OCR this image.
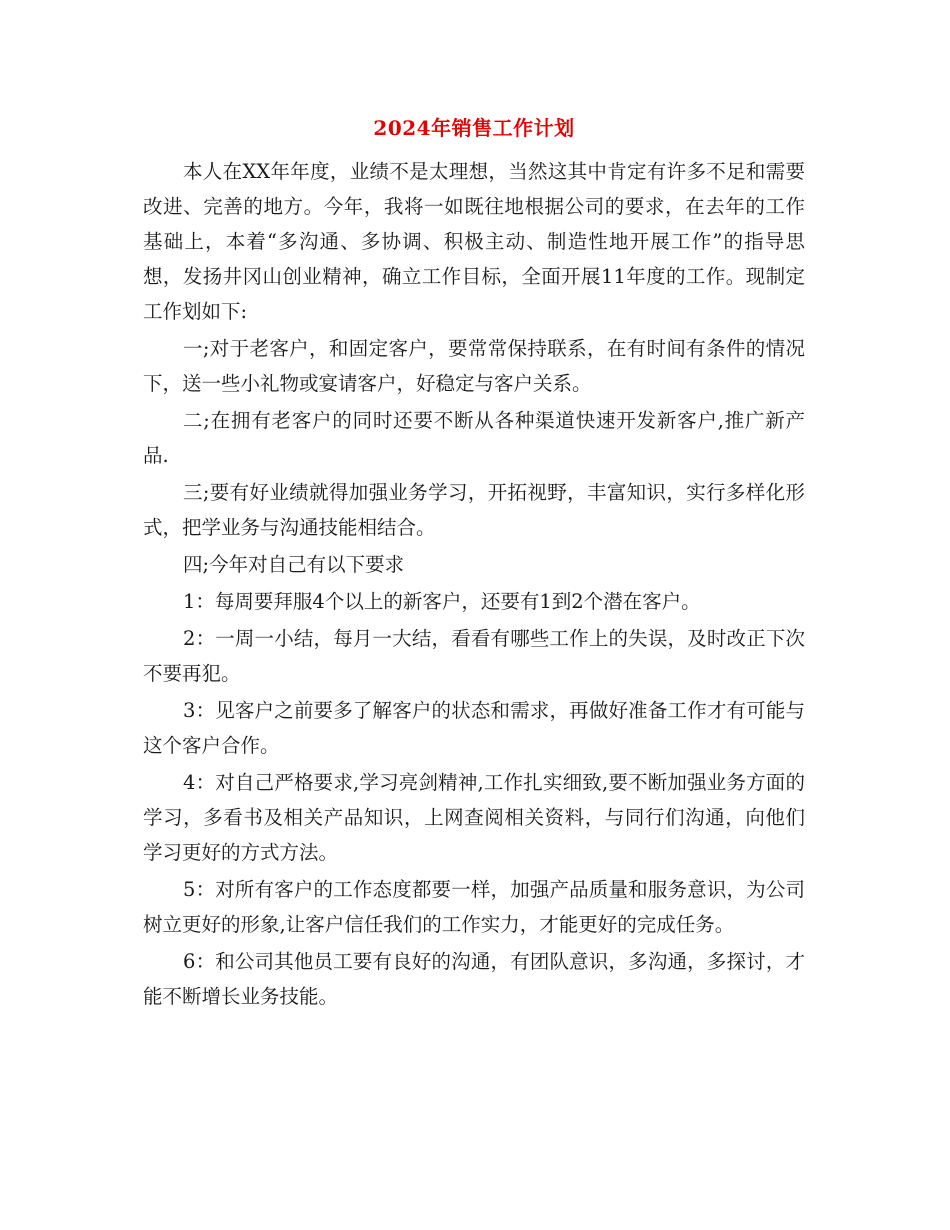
2024年销售工作计划

本人在XX年年度，业绩不是太理想，当然这其中肯定有许多不足和需要改进、完善的地方。今年，我将一如既往地根据公司的要求，在去年的工作基础上，本着“多沟通、多协调、积极主动、制造性地开展工作”的指导思想，发扬井冈山创业精神，确立工作目标，全面开展11年度的工作。现制定工作划如下:

一;对于老客户，和固定客户，要常常保持联系，在有时间有条件的情况下，送一些小礼物或宴请客户，好稳定与客户关系。

二;在拥有老客户的同时还要不断从各种渠道快速开发新客户,推广新产品.

三;要有好业绩就得加强业务学习，开拓视野，丰富知识，实行多样化形式，把学业务与沟通技能相结合。

四;今年对自己有以下要求

1：每周要拜服4个以上的新客户，还要有1到2个潜在客户。

2：一周一小结，每月一大结，看看有哪些工作上的失误，及时改正下次不要再犯。

3：见客户之前要多了解客户的状态和需求，再做好准备工作才有可能与这个客户合作。

4：对自己严格要求,学习亮剑精神,工作扎实细致,要不断加强业务方面的学习，多看书及相关产品知识，上网查阅相关资料，与同行们沟通，向他们学习更好的方式方法。

5：对所有客户的工作态度都要一样，加强产品质量和服务意识，为公司树立更好的形象,让客户信任我们的工作实力，才能更好的完成任务。

6：和公司其他员工要有良好的沟通，有团队意识，多沟通，多探讨，才能不断增长业务技能。
